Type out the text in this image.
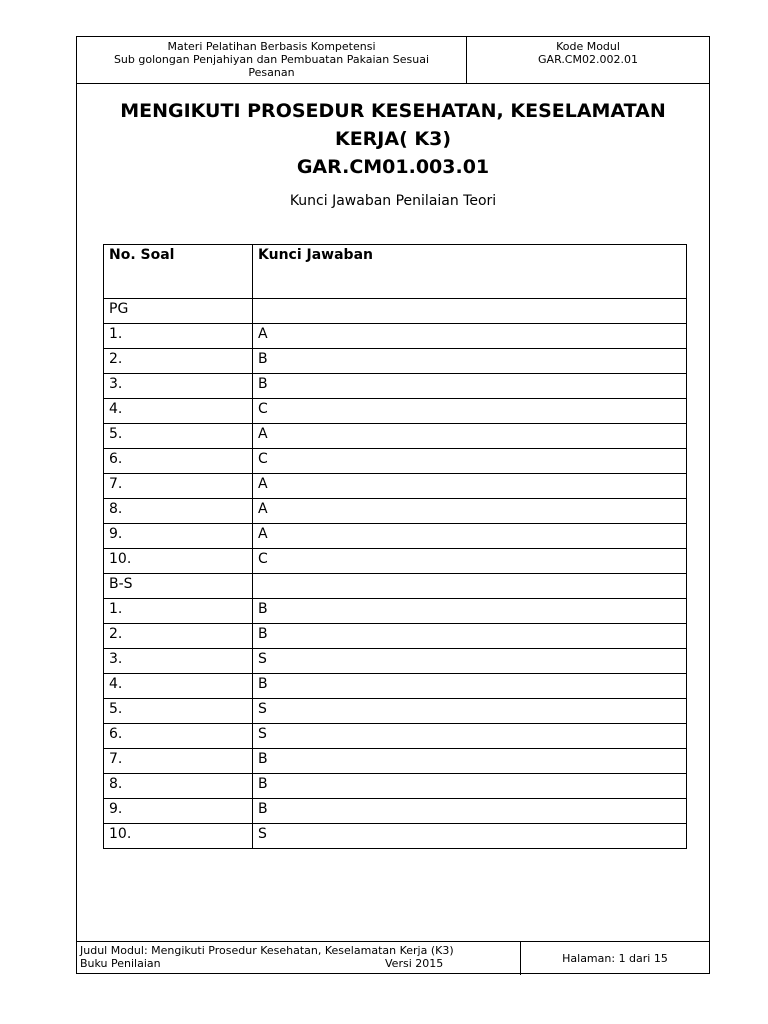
Materi Pelatihan Berbasis Kompetensi
Sub golongan Penjahiyan dan Pembuatan Pakaian Sesuai
Pesanan
Kode Modul
GAR.CM02.002.01
MENGIKUTI PROSEDUR KESEHATAN, KESELAMATAN
KERJA( K3)
GAR.CM01.003.01
Kunci Jawaban Penilaian Teori
No. Soal	Kunci Jawaban
PG	
1.	A
2.	B
3.	B
4.	C
5.	A
6.	C
7.	A
8.	A
9.	A
10.	C
B-S	
1.	B
2.	B
3.	S
4.	B
5.	S
6.	S
7.	B
8.	B
9.	B
10.	S
Judul Modul: Mengikuti Prosedur Kesehatan, Keselamatan Kerja (K3)
Buku Penilaian	Versi 2015	Halaman: 1 dari 15
